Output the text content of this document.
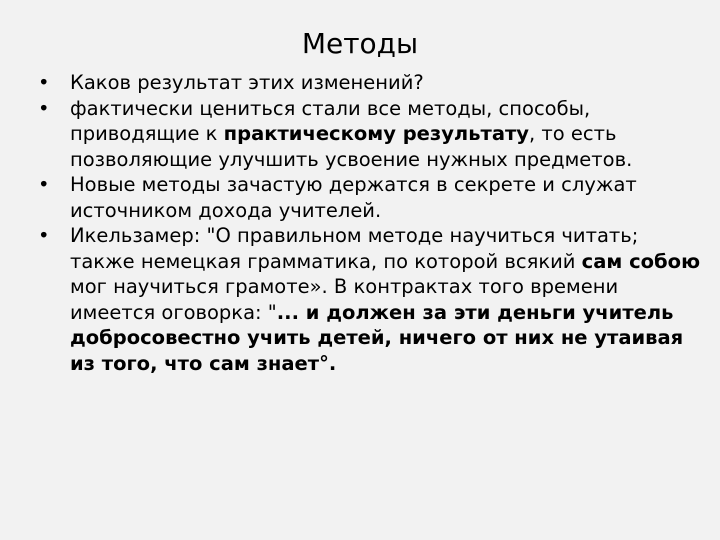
Методы
• Каков результат этих изменений?
• фактически цениться стали все методы, способы, приводящие к практическому результату, то есть позволяющие улучшить усвоение нужных предметов.
• Новые методы зачастую держатся в секрете и служат источником дохода учителей.
• Икельзамер: "О правильном методе научиться читать; также немецкая грамматика, по которой всякий сам собою мог научиться грамоте». В контрактах того времени имеется оговорка: "... и должен за эти деньги учитель добросовестно учить детей, ничего от них не утаивая из того, что сам знает°.
